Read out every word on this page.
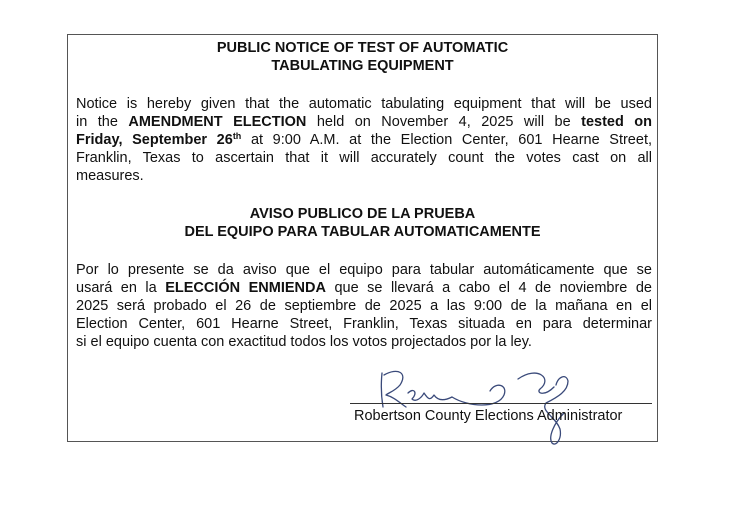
PUBLIC NOTICE OF TEST OF AUTOMATIC
TABULATING EQUIPMENT

Notice is hereby given that the automatic tabulating equipment that will be used
in the AMENDMENT ELECTION held on November 4, 2025 will be tested on
Friday, September 26th at 9:00 A.M. at the Election Center, 601 Hearne Street,
Franklin, Texas to ascertain that it will accurately count the votes cast on all
measures.

AVISO PUBLICO DE LA PRUEBA
DEL EQUIPO PARA TABULAR AUTOMATICAMENTE

Por lo presente se da aviso que el equipo para tabular automáticamente que se
usará en la ELECCIÓN ENMIENDA que se llevará a cabo el 4 de noviembre de
2025 será probado el 26 de septiembre de 2025 a las 9:00 de la mañana en el
Election Center, 601 Hearne Street, Franklin, Texas situada en para determinar
si el equipo cuenta con exactitud todos los votos projectados por la ley.

Robertson County Elections Administrator
